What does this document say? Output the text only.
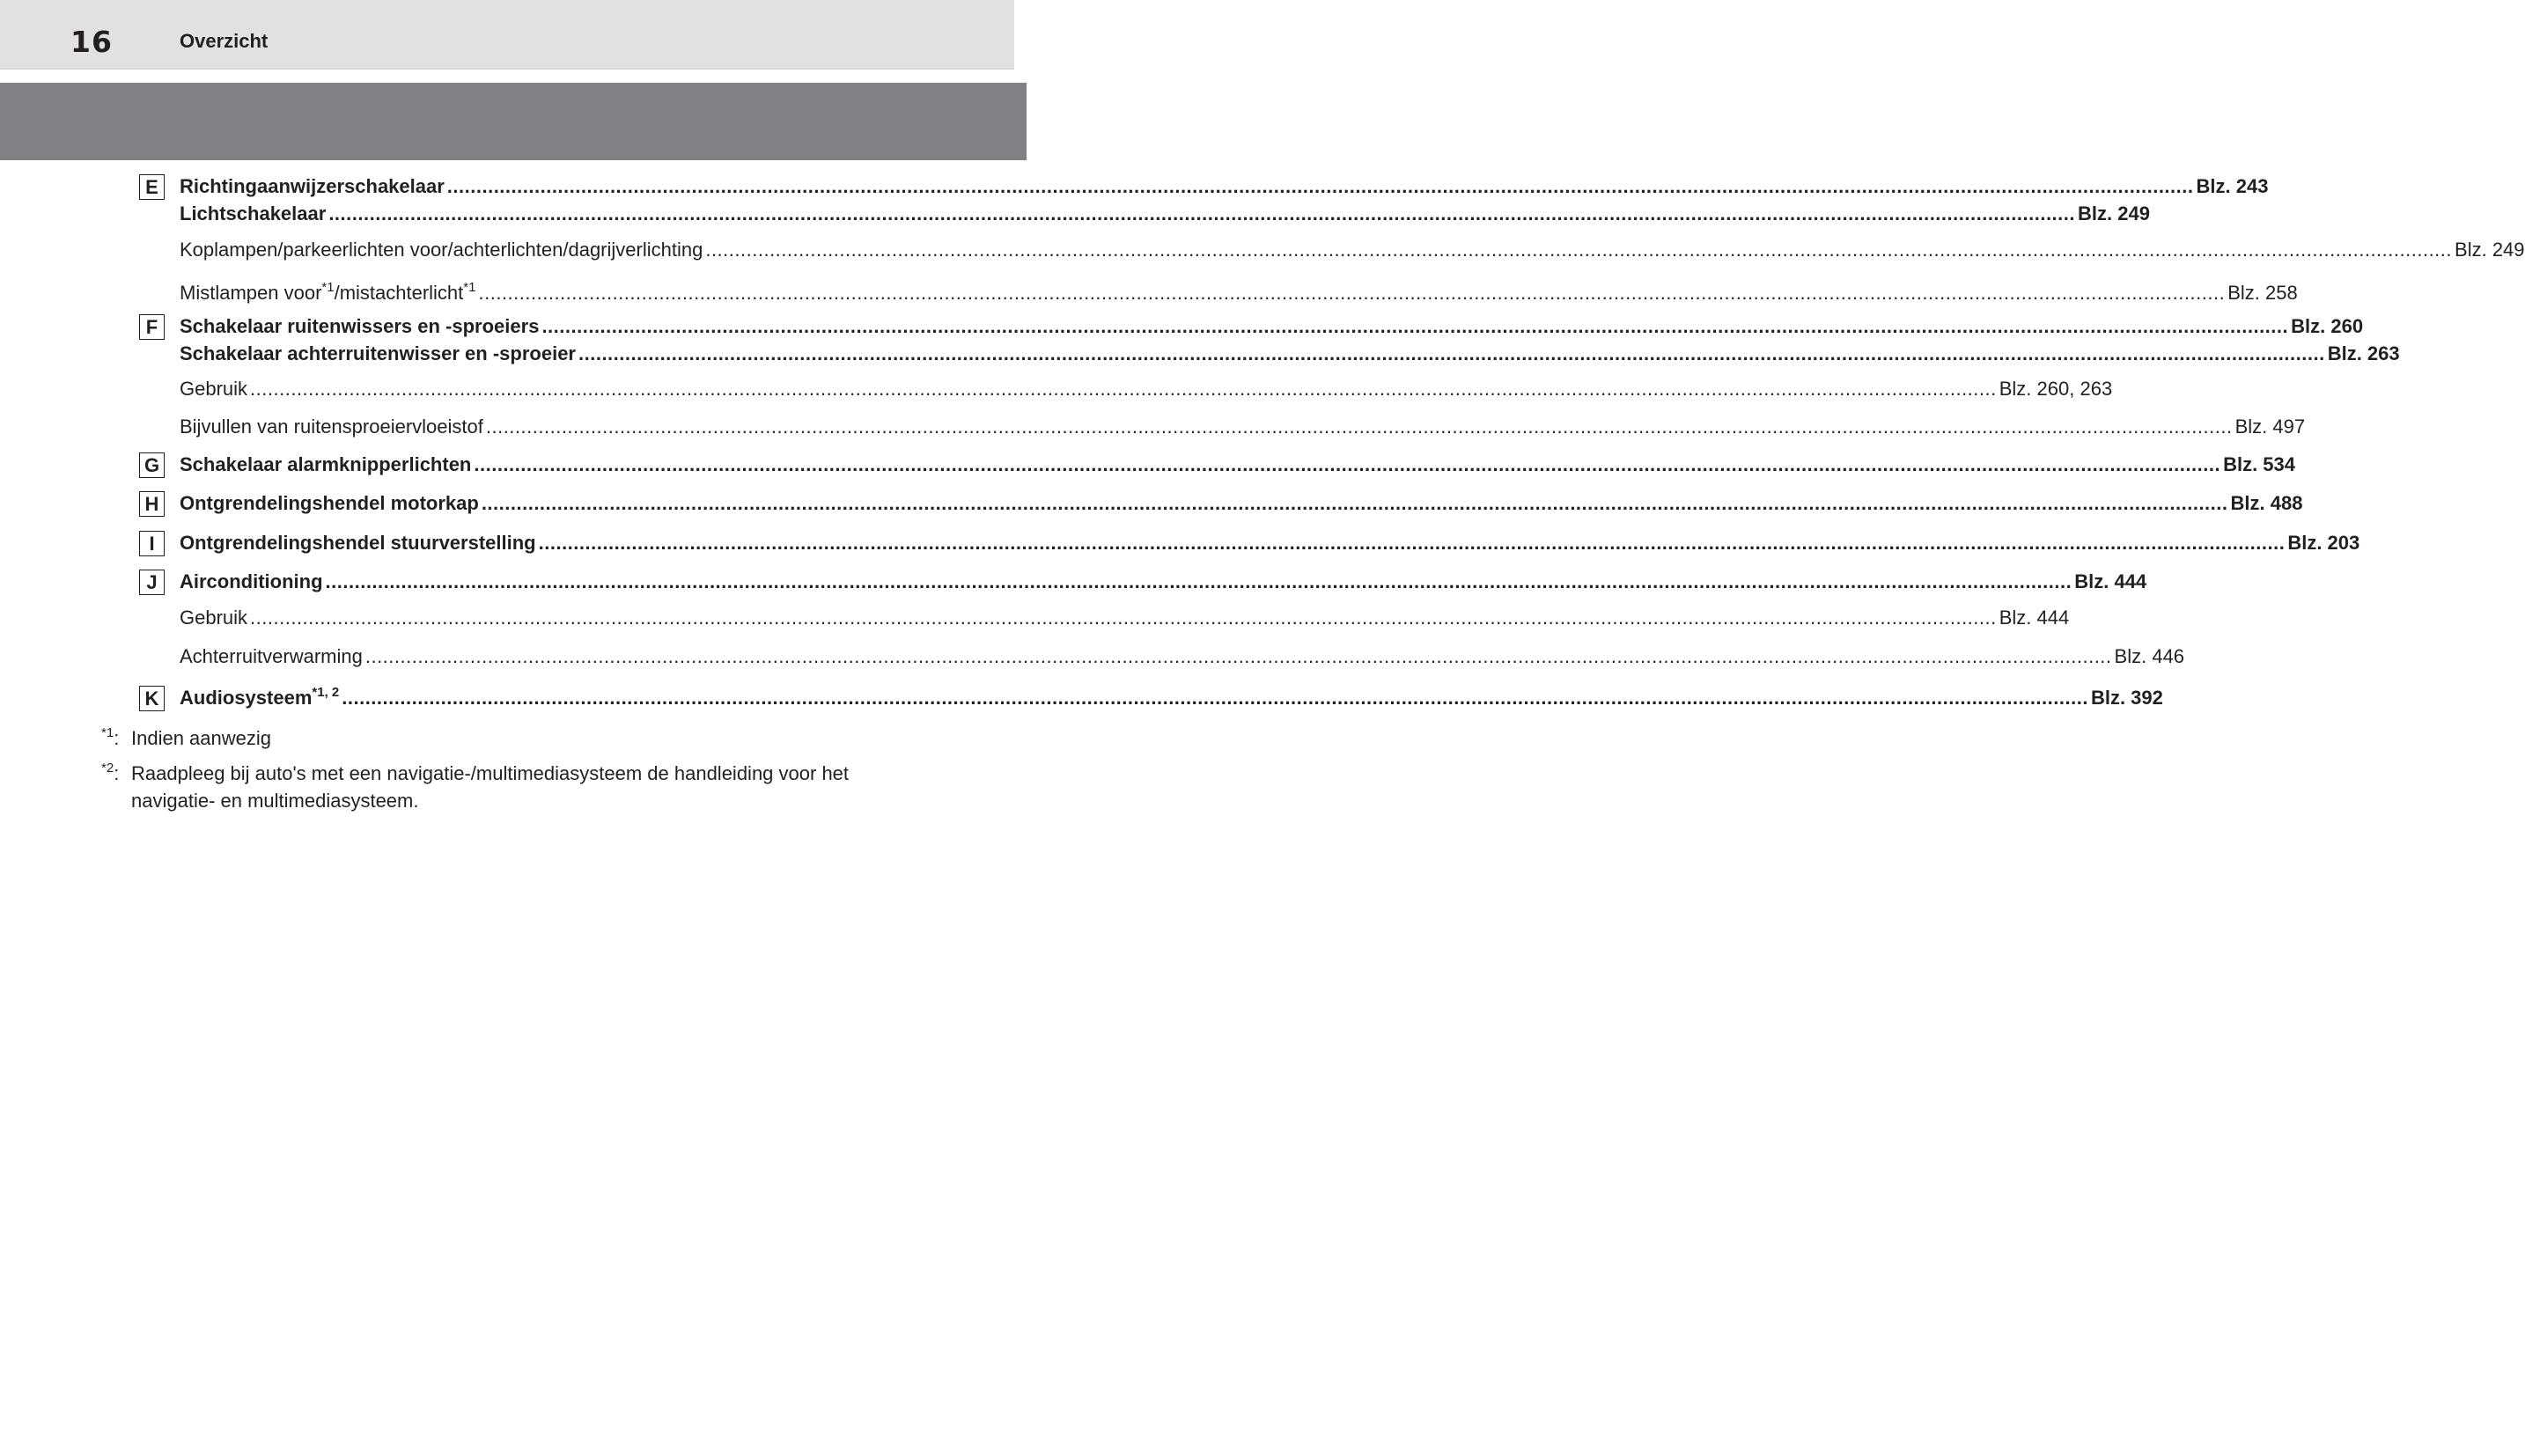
16	Overzicht
E
F
G
H
I
J
K
Richtingaanwijzerschakelaar ............................................................................................................................................................................................................................................................................................................ Blz. 243
Lichtschakelaar ............................................................................................................................................................................................................................................................................................................ Blz. 249
Koplampen/parkeerlichten voor/achterlichten/dagrijverlichting ............................................................................................................................................................................................................................................................................................................ Blz. 249
Mistlampen voor$^{*1}$/mistachterlicht$^{*1}$ ............................................................................................................................................................................................................................................................................................................ Blz. 258
Schakelaar ruitenwissers en -sproeiers ............................................................................................................................................................................................................................................................................................................ Blz. 260
Schakelaar achterruitenwisser en -sproeier ............................................................................................................................................................................................................................................................................................................ Blz. 263
Gebruik ............................................................................................................................................................................................................................................................................................................ Blz. 260, 263
Bijvullen van ruitensproeiervloeistof ............................................................................................................................................................................................................................................................................................................ Blz. 497
Schakelaar alarmknipperlichten ............................................................................................................................................................................................................................................................................................................ Blz. 534
Ontgrendelingshendel motorkap ............................................................................................................................................................................................................................................................................................................ Blz. 488
Ontgrendelingshendel stuurverstelling ............................................................................................................................................................................................................................................................................................................ Blz. 203
Airconditioning ............................................................................................................................................................................................................................................................................................................ Blz. 444
Gebruik ............................................................................................................................................................................................................................................................................................................ Blz. 444
Achterruitverwarming ............................................................................................................................................................................................................................................................................................................ Blz. 446
Audiosysteem$^{*1, 2}$ ............................................................................................................................................................................................................................................................................................................ Blz. 392
$^{*1}$: Indien aanwezig
$^{*2}$: Raadpleeg bij auto's met een navigatie-/multimediasysteem de handleiding voor het navigatie- en multimediasysteem.
